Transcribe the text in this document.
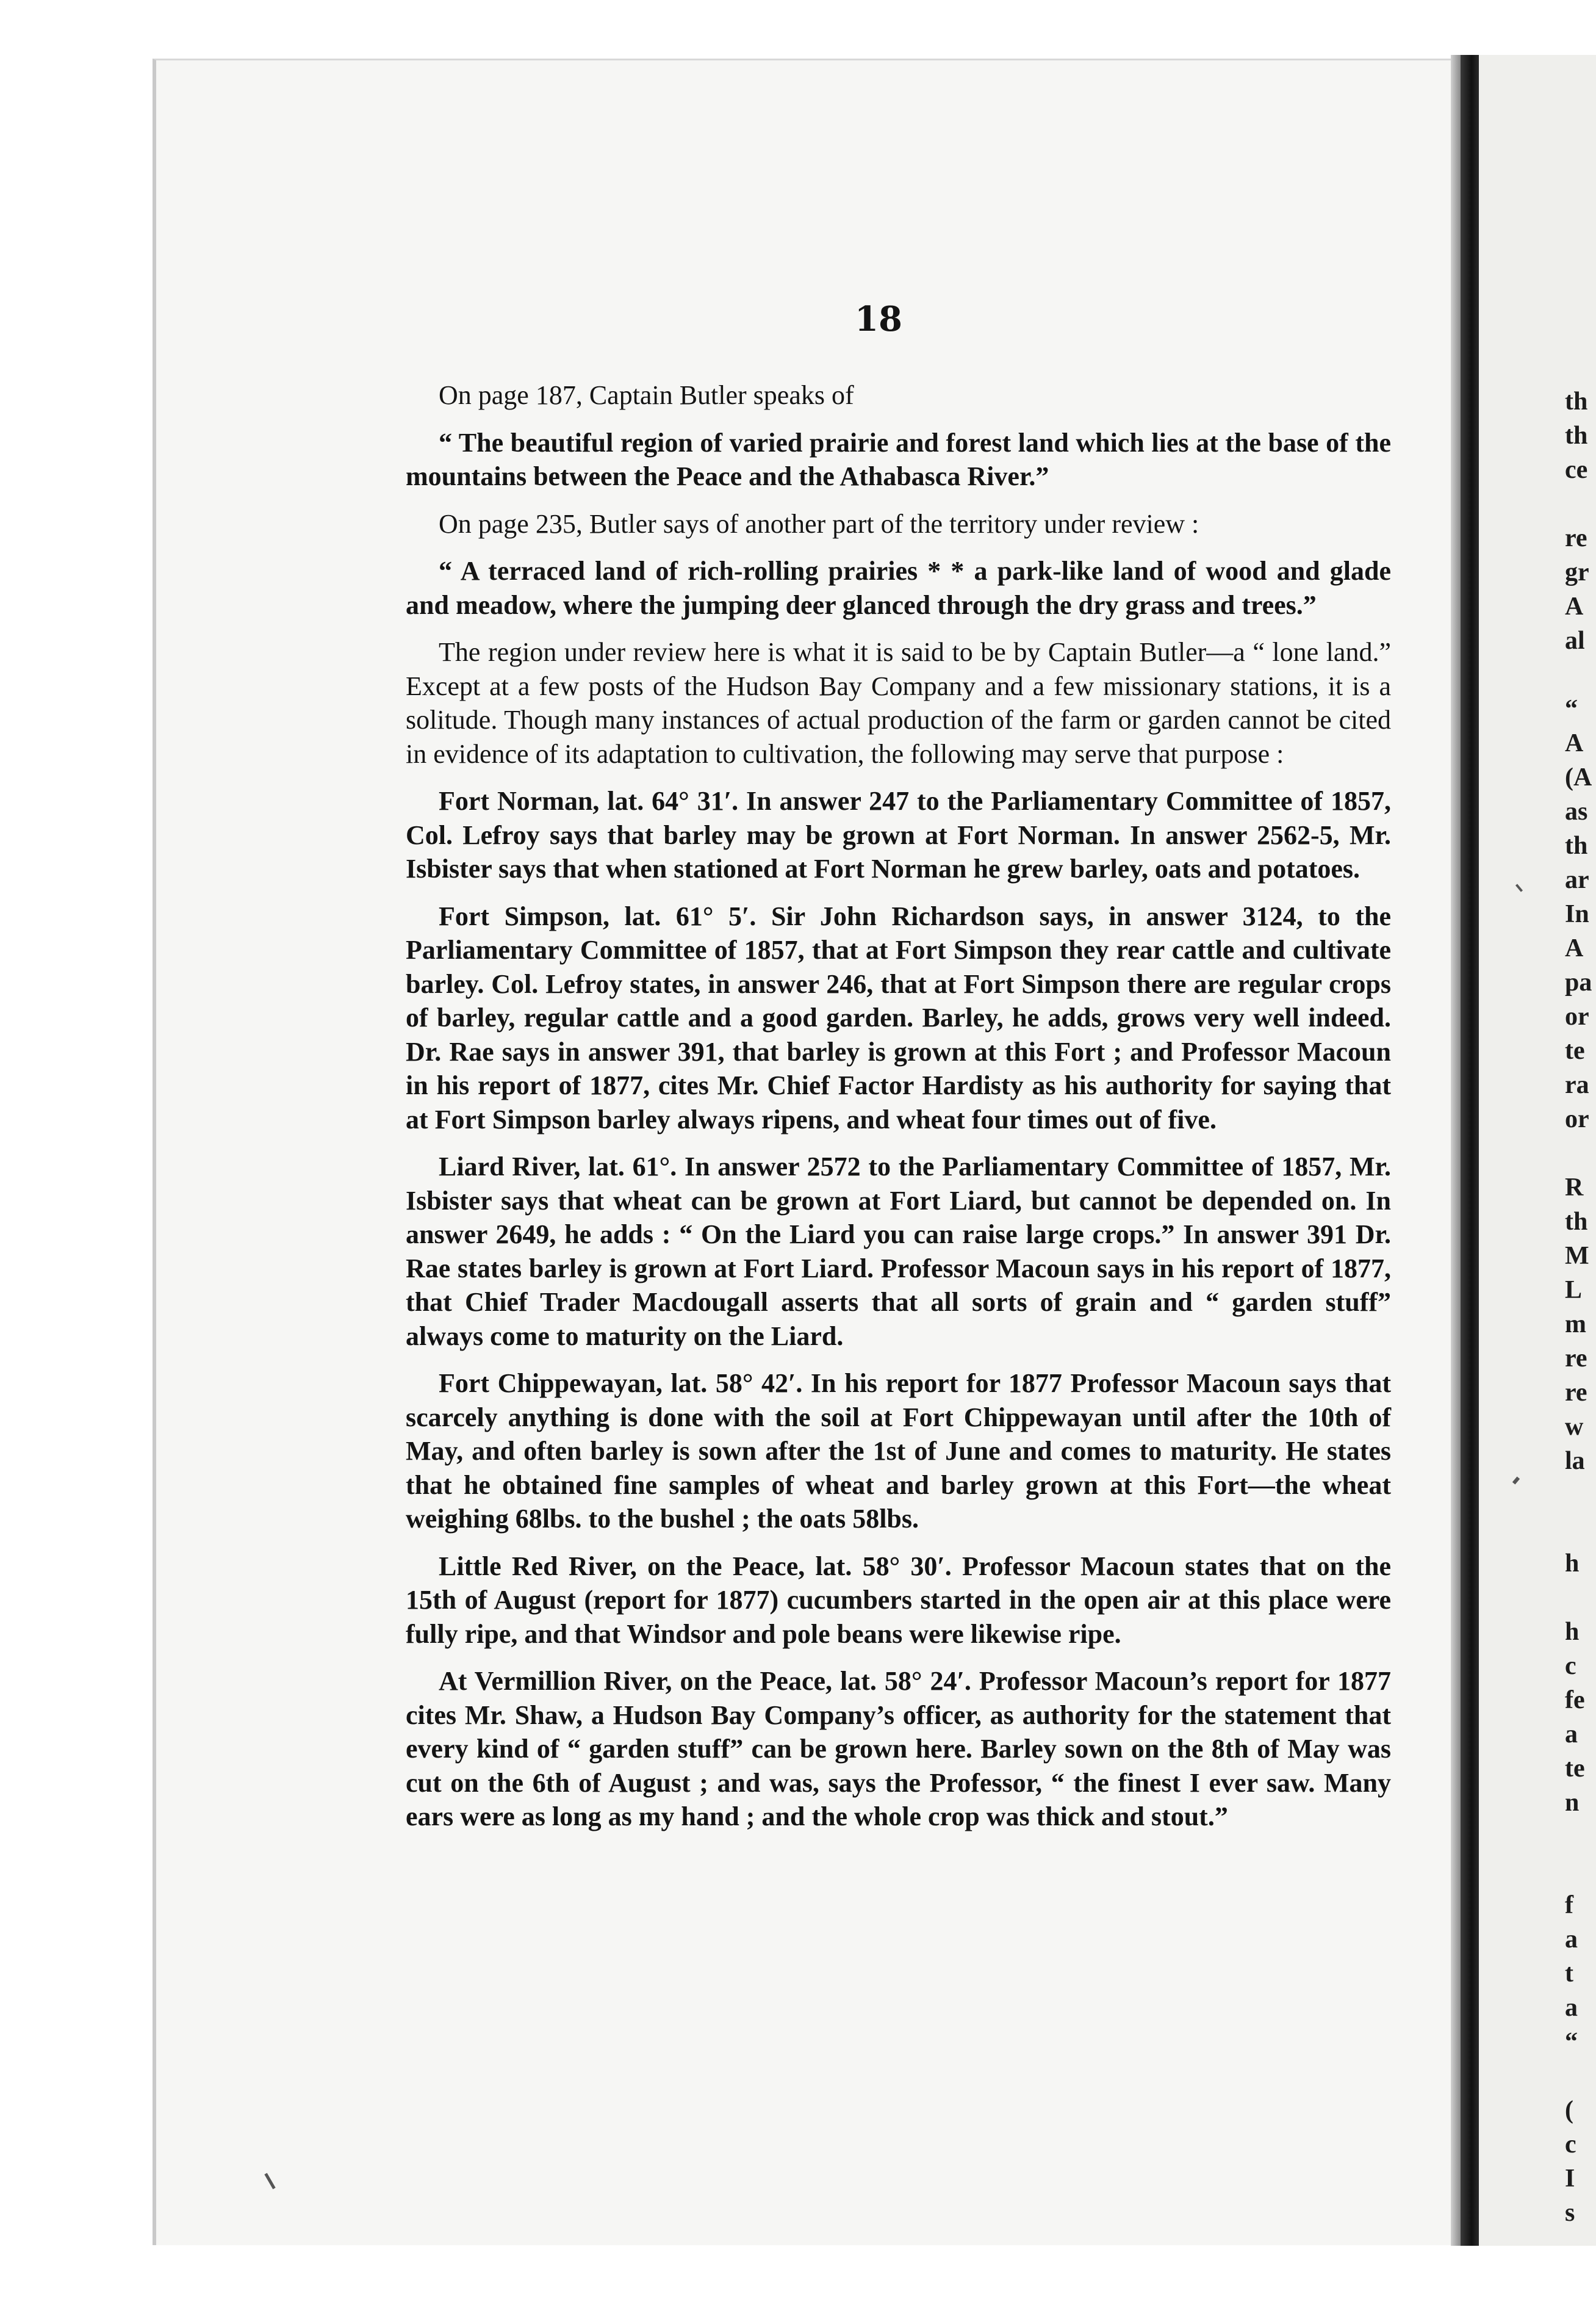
18

On page 187, Captain Butler speaks of

“ The beautiful region of varied prairie and forest land which lies at the base of the mountains between the Peace and the Athabasca River.”

On page 235, Butler says of another part of the territory under review :

“ A terraced land of rich-rolling prairies * * a park-like land of wood and glade and meadow, where the jumping deer glanced through the dry grass and trees.”

The region under review here is what it is said to be by Captain Butler—a “ lone land.” Except at a few posts of the Hudson Bay Company and a few missionary stations, it is a solitude. Though many instances of actual production of the farm or garden cannot be cited in evidence of its adaptation to cultivation, the following may serve that purpose :

Fort Norman, lat. 64° 31′. In answer 247 to the Parliamentary Committee of 1857, Col. Lefroy says that barley may be grown at Fort Norman. In answer 2562-5, Mr. Isbister says that when stationed at Fort Norman he grew barley, oats and potatoes.

Fort Simpson, lat. 61° 5′. Sir John Richardson says, in answer 3124, to the Parliamentary Committee of 1857, that at Fort Simpson they rear cattle and cultivate barley. Col. Lefroy states, in answer 246, that at Fort Simpson there are regular crops of barley, regular cattle and a good garden. Barley, he adds, grows very well indeed. Dr. Rae says in answer 391, that barley is grown at this Fort ; and Professor Macoun in his report of 1877, cites Mr. Chief Factor Hardisty as his authority for saying that at Fort Simpson barley always ripens, and wheat four times out of five.

Liard River, lat. 61°. In answer 2572 to the Parliamentary Committee of 1857, Mr. Isbister says that wheat can be grown at Fort Liard, but cannot be depended on. In answer 2649, he adds : “ On the Liard you can raise large crops.” In answer 391 Dr. Rae states barley is grown at Fort Liard. Professor Macoun says in his report of 1877, that Chief Trader Macdougall asserts that all sorts of grain and “ garden stuff” always come to maturity on the Liard.

Fort Chippewayan, lat. 58° 42′. In his report for 1877 Professor Macoun says that scarcely anything is done with the soil at Fort Chippewayan until after the 10th of May, and often barley is sown after the 1st of June and comes to maturity. He states that he obtained fine samples of wheat and barley grown at this Fort—the wheat weighing 68lbs. to the bushel ; the oats 58lbs.

Little Red River, on the Peace, lat. 58° 30′. Professor Macoun states that on the 15th of August (report for 1877) cucumbers started in the open air at this place were fully ripe, and that Windsor and pole beans were likewise ripe.

At Vermillion River, on the Peace, lat. 58° 24′. Professor Macoun’s report for 1877 cites Mr. Shaw, a Hudson Bay Company’s officer, as authority for the statement that every kind of “ garden stuff” can be grown here. Barley sown on the 8th of May was cut on the 6th of August ; and was, says the Professor, “ the finest I ever saw. Many ears were as long as my hand ; and the whole crop was thick and stout.”

th
th
ce
re
gr
A
al
“
A
(A
as
th
ar
In
A
pa
or
te
ra
or
R
th
M
L
m
re
re
w
la
h
h
c
fe
a
te
n
f
a
t
a
“
(
c
I
s
